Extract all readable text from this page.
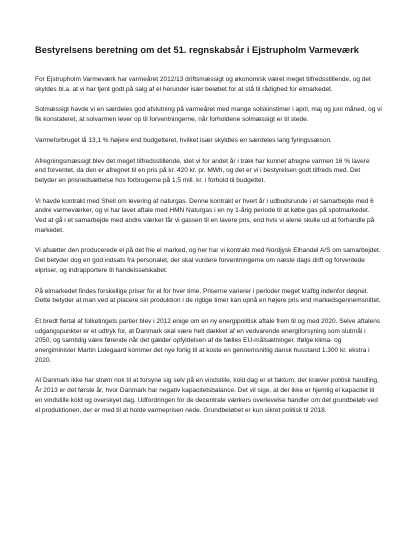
Bestyrelsens beretning om det 51. regnskabsår i Ejstrupholm Varmeværk

For Ejstrupholm Varmeværk har varmeåret 2012/13 driftsmæssigt og økonomisk været meget tilfredsstillende, og det skyldes bl.a. at vi har tjent godt på salg af el herunder især beløbet for at stå til rådighed for elmarkedet.

Solmæssigt havde vi en særdeles god afslutning på varmeåret med mange solskinstimer i april, maj og juni måned, og vi fik konstateret, at solvarmen lever op til forventningerne, når forholdene solmæssigt er til stede.

Varmeforbruget lå 13,1 % højere end budgetteret, hvilket især skyldtes en særdeles lang fyringssæson.

Afregningsmæssigt blev det meget tilfredsstillende, idet vi for andet år i træk har kunnet afregne varmen 16 % lavere end forventet, da den er afregnet til en pris på kr. 420 kr. pr. MWh, og det er vi i bestyrelsen godt tilfreds med. Det betyder en prisnedsættelse hos forbrugerne på 1,5 mill. kr. i forhold til budgettet.

Vi havde kontrakt med Shell om levering af naturgas. Denne kontrakt er hvert år i udbudsrunde i et samarbejde med 6 andre varmeværker, og vi har lavet aftale med HMN Naturgas i en ny 1-årig periode til at købe gas på spotmarkedet. Ved at gå i et samarbejde med andre værker får vi gassen til en lavere pris, end hvis vi alene skulle ud at forhandle på markedet.

Vi afsætter den producerede el på det frie el marked, og her har vi kontrakt med Nordjysk Elhandel A/S om samarbejdet. Det betyder dog en god indsats fra personalet, der skal vurdere forventningerne om næste dags drift og forventede elpriser, og indrapportere til handelsselskabet.

På elmarkedet findes forskellige priser for el for hver time. Priserne varierer i perioder meget kraftig indenfor døgnet. Dette betyder at man ved at placere sin produktion i de rigtige timer kan opnå en højere pris end markedsgennemsnittet.

Et bredt flertal af folketingets partier blev i 2012 enige om en ny energipolitisk aftale frem til og med 2020. Selve aftalens udgangspunkter er et udtryk for, at Danmark skal være helt dækket af en vedvarende energiforsyning som slutmål i 2050, og samtidig være førende når det gælder opfyldelsen af de fælles EU-målsætninger. Ifølge klima- og energiminister Martin Lidegaard kommer det nye forlig til at koste en gennemsnitlig dansk husstand 1.300 kr. ekstra i 2020.

At Danmark ikke har strøm nok til at forsyne sig selv på en vindstille, kold dag er et faktum, der kræver politisk handling. År 2013 er det første år, hvor Danmark har negativ kapacitetsbalance. Det vil sige, at der ikke er hjemlig el kapacitet til en vindstille kold og overskyet dag. Udfordringen for de decentrale værkers overlevelse handler om det grundbeløb ved el produktionen, der er med til at holde varmeprisen nede. Grundbeløbet er kun sikret politisk til 2018.
